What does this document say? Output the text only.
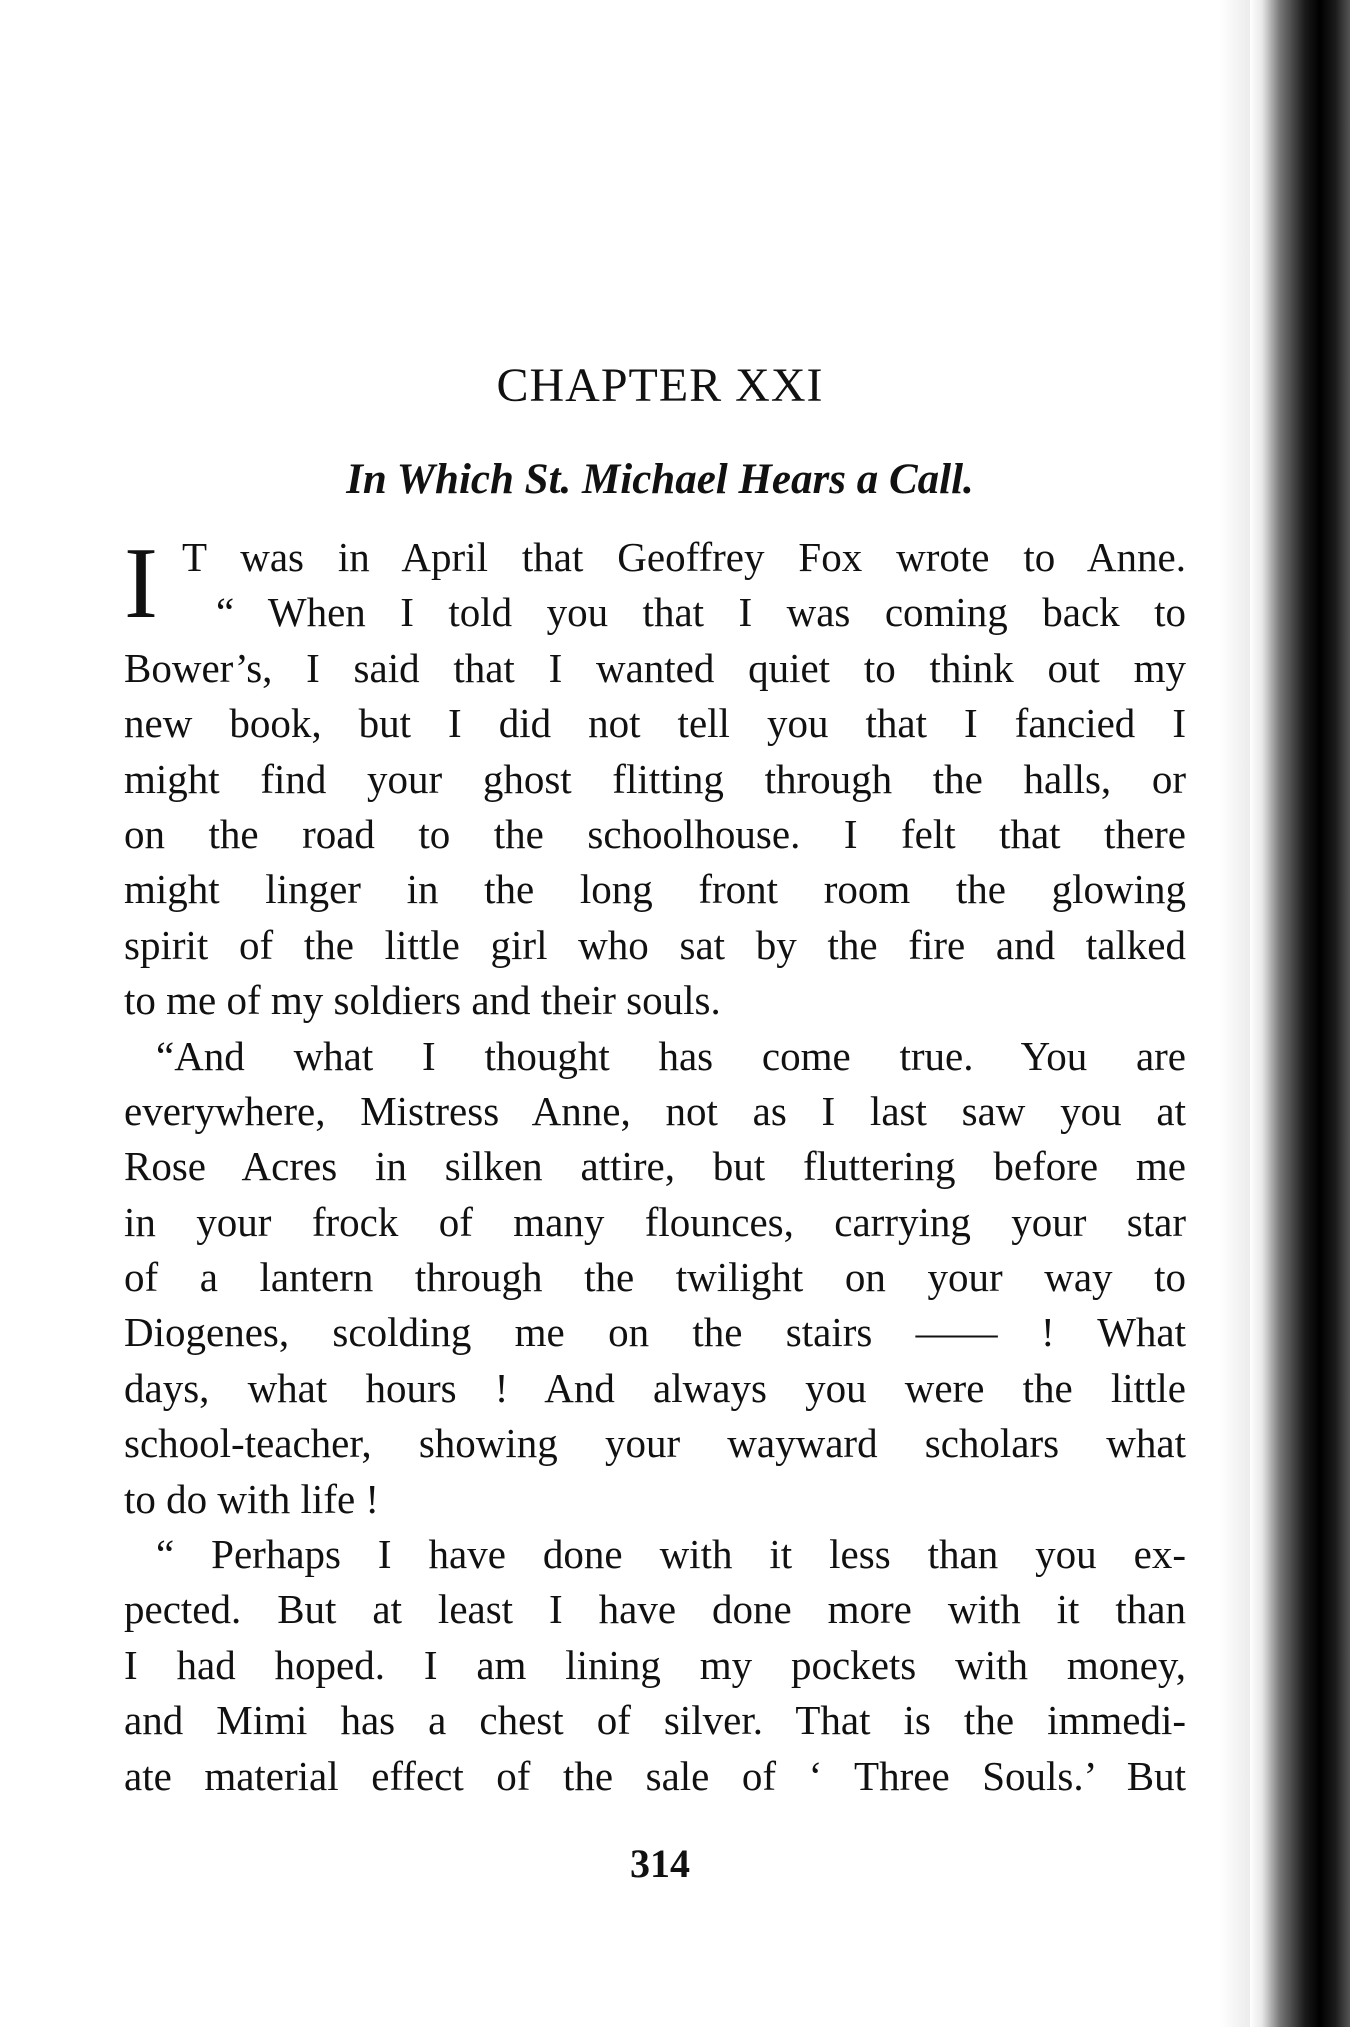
CHAPTER XXI
In Which St. Michael Hears a Call.
I T was in April that Geoffrey Fox wrote to Anne.
“ When I told you that I was coming back to
Bower’s, I said that I wanted quiet to think out my
new book, but I did not tell you that I fancied I
might find your ghost flitting through the halls, or
on the road to the schoolhouse. I felt that there
might linger in the long front room the glowing
spirit of the little girl who sat by the fire and talked
to me of my soldiers and their souls.
“And what I thought has come true. You are
everywhere, Mistress Anne, not as I last saw you at
Rose Acres in silken attire, but fluttering before me
in your frock of many flounces, carrying your star
of a lantern through the twilight on your way to
Diogenes, scolding me on the stairs —— ! What
days, what hours ! And always you were the little
school-teacher, showing your wayward scholars what
to do with life !
“ Perhaps I have done with it less than you ex-
pected. But at least I have done more with it than
I had hoped. I am lining my pockets with money,
and Mimi has a chest of silver. That is the immedi-
ate material effect of the sale of ‘ Three Souls.’ But
314
